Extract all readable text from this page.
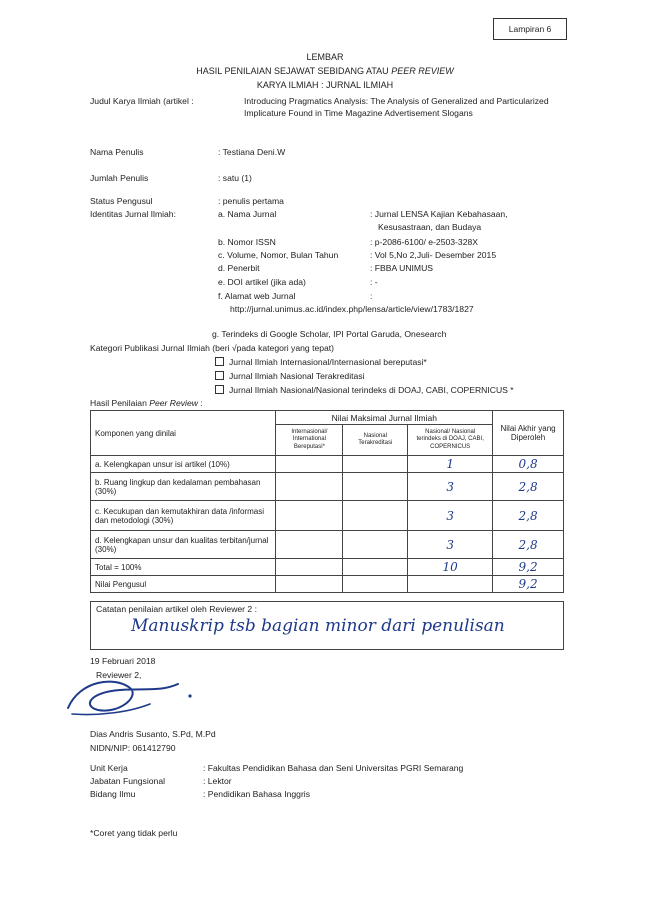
Lampiran 6
LEMBAR
HASIL PENILAIAN SEJAWAT SEBIDANG ATAU PEER REVIEW
KARYA ILMIAH : JURNAL ILMIAH
Judul Karya Ilmiah (artikel :	Introducing Pragmatics Analysis: The Analysis of Generalized and Particularized Implicature Found in Time Magazine Advertisement Slogans
Nama Penulis	: Testiana Deni.W
Jumlah Penulis	: satu (1)
Status Pengusul	: penulis pertama
Identitas Jurnal Ilmiah:	a. Nama Jurnal	: Jurnal LENSA Kajian Kebahasaan,
Kesusastraan, dan Budaya
b. Nomor ISSN	: p-2086-6100/ e-2503-328X
c. Volume, Nomor, Bulan Tahun	: Vol 5,No 2,Juli- Desember 2015
d. Penerbit	: FBBA UNIMUS
e. DOI artikel (jika ada)	: -
f. Alamat web Jurnal	:
http://jurnal.unimus.ac.id/index.php/lensa/article/view/1783/1827
g. Terindeks di Google Scholar, IPI Portal Garuda, Onesearch
Kategori Publikasi Jurnal Ilmiah (beri √pada kategori yang tepat)
Jurnal Ilmiah Internasional/Internasional bereputasi*
Jurnal Ilmiah Nasional Terakreditasi
Jurnal Ilmiah Nasional/Nasional terindeks di DOAJ, CABI, COPERNICUS *
Hasil Penilaian Peer Review :
Komponen yang dinilai	Nilai Maksimal Jurnal Ilmiah			Nilai Akhir yang Diperoleh
	Internasional/ International Bereputasi*	Nasional Terakreditasi	Nasional/ Nasional terindeks di DOAJ, CABI, COPERNICUS	
a. Kelengkapan unsur isi artikel (10%)			1	0,8
b. Ruang lingkup dan kedalaman pembahasan (30%)			3	2,8
c. Kecukupan dan kemutakhiran data /informasi dan metodologi (30%)			3	2,8
d. Kelengkapan unsur dan kualitas terbitan/jurnal (30%)			3	2,8
Total = 100%			10	9,2
Nilai Pengusul				9,2
Catatan penilaian artikel oleh Reviewer 2 :
Manuskrip tsb bagian minor dari penulisan
19 Februari 2018
Reviewer 2,
Dias Andris Susanto, S.Pd, M.Pd
NIDN/NIP: 061412790
Unit Kerja	: Fakultas Pendidikan Bahasa dan Seni Universitas PGRI Semarang
Jabatan Fungsional	: Lektor
Bidang Ilmu	: Pendidikan Bahasa Inggris
*Coret yang tidak perlu
